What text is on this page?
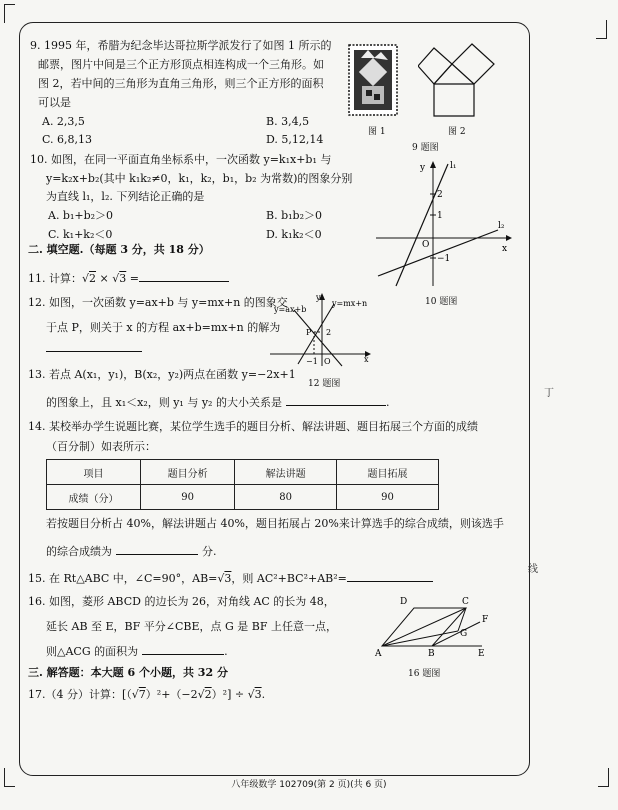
丁
线
9. 1995 年，希腊为纪念毕达哥拉斯学派发行了如图 1 所示的
邮票，图片中间是三个正方形顶点相连构成一个三角形。如
图 2，若中间的三角形为直角三角形，则三个正方形的面积
可以是
A. 2,3,5	B. 3,4,5
C. 6,8,13	D. 5,12,14
图 1	图 2
9 题图
10. 如图，在同一平面直角坐标系中，一次函数 y=k₁x+b₁ 与
y=k₂x+b₂(其中 k₁k₂≠0，k₁，k₂，b₁，b₂ 为常数)的图象分别
为直线 l₁，l₂. 下列结论正确的是
A. b₁+b₂＞0	B. b₁b₂＞0
C. k₁+k₂＜0	D. k₁k₂＜0
y
x
l₁
l₂
O
2
1
−1
10 题图
二. 填空题.（每题 3 分，共 18 分）
11. 计算：√2 × √3 =
12. 如图，一次函数 y=ax+b 与 y=mx+n 的图象交
于点 P，则关于 x 的方程 ax+b=mx+n 的解为
y=ax+b
y=mx+n
y
x
P 2
−1 O
12 题图
13. 若点 A(x₁，y₁)，B(x₂，y₂)两点在函数 y=−2x+1
的图象上，且 x₁＜x₂，则 y₁ 与 y₂ 的大小关系是	.
14. 某校举办学生说题比赛，某位学生选手的题目分析、解法讲题、题目拓展三个方面的成绩
（百分制）如表所示：
项目	题目分析	解法讲题	题目拓展
成绩（分）	90	80	90
若按题目分析占 40%，解法讲题占 40%，题目拓展占 20%来计算选手的综合成绩，则该选手
的综合成绩为	分.
15. 在 Rt△ABC 中，∠C=90°，AB=√3，则 AC²+BC²+AB²=
16. 如图，菱形 ABCD 的边长为 26，对角线 AC 的长为 48，
延长 AB 至 E，BF 平分∠CBE，点 G 是 BF 上任意一点，
则△ACG 的面积为	.	A	B
C
D
E
F
G
16 题图
三. 解答题：本大题 6 个小题，共 32 分
17.（4 分）计算：[（√7）²+（−2√2）²] ÷ √3.
八年级数学 102709(第 2 页)(共 6 页)
